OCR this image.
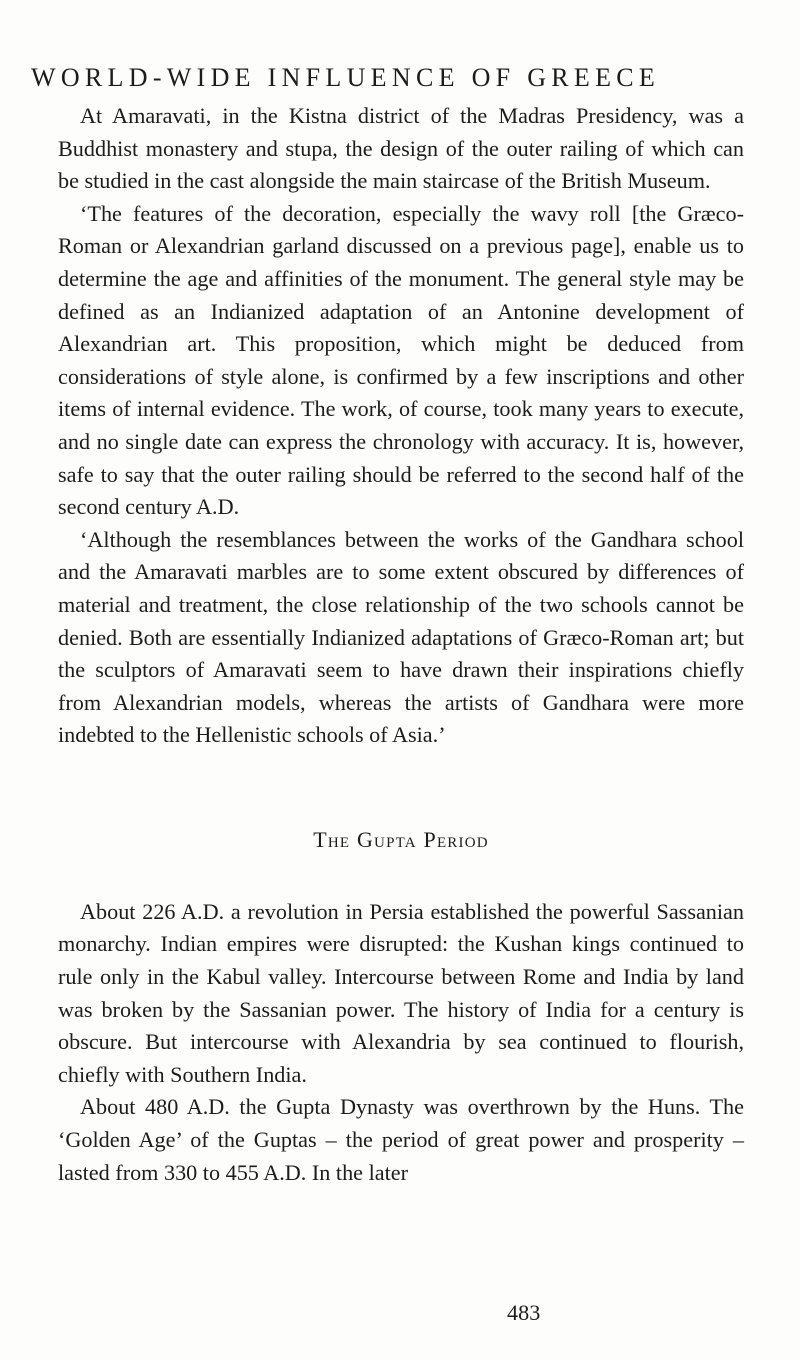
WORLD-WIDE INFLUENCE OF GREECE

At Amaravati, in the Kistna district of the Madras Presidency, was a Buddhist monastery and stupa, the design of the outer railing of which can be studied in the cast alongside the main staircase of the British Museum.

‘The features of the decoration, especially the wavy roll [the Græco-Roman or Alexandrian garland discussed on a previous page], enable us to determine the age and affinities of the monument. The general style may be defined as an Indianized adaptation of an Antonine development of Alexandrian art. This proposition, which might be deduced from considerations of style alone, is confirmed by a few inscriptions and other items of internal evidence. The work, of course, took many years to execute, and no single date can express the chronology with accuracy. It is, however, safe to say that the outer railing should be referred to the second half of the second century A.D.

‘Although the resemblances between the works of the Gandhara school and the Amaravati marbles are to some extent obscured by differences of material and treatment, the close relationship of the two schools cannot be denied. Both are essentially Indianized adaptations of Græco-Roman art; but the sculptors of Amaravati seem to have drawn their inspirations chiefly from Alexandrian models, whereas the artists of Gandhara were more indebted to the Hellenistic schools of Asia.’

The Gupta Period

About 226 A.D. a revolution in Persia established the powerful Sassanian monarchy. Indian empires were disrupted: the Kushan kings continued to rule only in the Kabul valley. Intercourse between Rome and India by land was broken by the Sassanian power. The history of India for a century is obscure. But intercourse with Alexandria by sea continued to flourish, chiefly with Southern India.

About 480 A.D. the Gupta Dynasty was overthrown by the Huns. The ‘Golden Age’ of the Guptas – the period of great power and prosperity – lasted from 330 to 455 A.D. In the later

483
